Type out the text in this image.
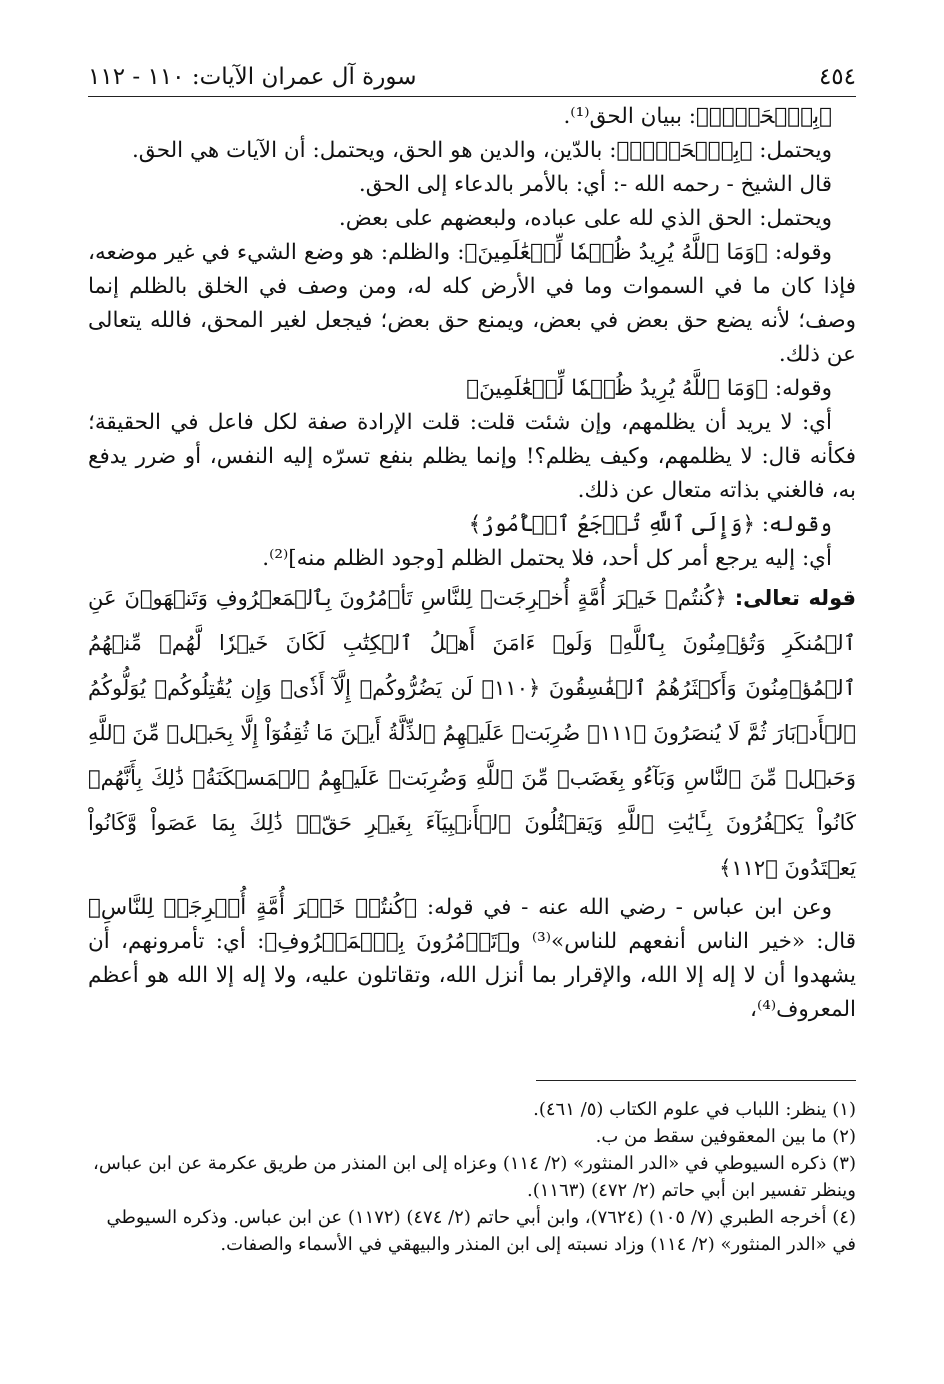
٤٥٤
سورة آل عمران الآيات: ١١٠ - ١١٢

﴿بِٱلۡحَقِّۗ﴾: ببيان الحق⁽¹⁾.

ويحتمل: ﴿بِٱلۡحَقِّۗ﴾: بالدّين، والدين هو الحق، ويحتمل: أن الآيات هي الحق.

قال الشيخ - رحمه الله -: أي: بالأمر بالدعاء إلى الحق.

ويحتمل: الحق الذي لله على عباده، ولبعضهم على بعض.

وقوله: ﴿وَمَا ٱللَّهُ يُرِيدُ ظُلۡمٗا لِّلۡعَٰلَمِينَ﴾: والظلم: هو وضع الشيء في غير موضعه، فإذا كان ما في السموات وما في الأرض كله له، ومن وصف في الخلق بالظلم إنما وصف؛ لأنه يضع حق بعض في بعض، ويمنع حق بعض؛ فيجعل لغير المحق، فالله يتعالى عن ذلك.

وقوله: ﴿وَمَا ٱللَّهُ يُرِيدُ ظُلۡمٗا لِّلۡعَٰلَمِينَ﴾

أي: لا يريد أن يظلمهم، وإن شئت قلت: قلت الإرادة صفة لكل فاعل في الحقيقة؛ فكأنه قال: لا يظلمهم، وكيف يظلم؟! وإنما يظلم بنفع تسرّه إليه النفس، أو ضرر يدفع به، فالغني بذاته متعال عن ذلك.

وقوله: ﴿وَإِلَى ٱللَّهِ تُرۡجَعُ ٱلۡأُمُورُ﴾

أي: إليه يرجع أمر كل أحد، فلا يحتمل الظلم [وجود الظلم منه]⁽²⁾.

قوله تعالى: ﴿كُنتُمۡ خَيۡرَ أُمَّةٍ أُخۡرِجَتۡ لِلنَّاسِ تَأۡمُرُونَ بِٱلۡمَعۡرُوفِ وَتَنۡهَوۡنَ عَنِ ٱلۡمُنكَرِ وَتُؤۡمِنُونَ بِٱللَّهِۗ وَلَوۡ ءَامَنَ أَهۡلُ ٱلۡكِتَٰبِ لَكَانَ خَيۡرٗا لَّهُمۚ مِّنۡهُمُ ٱلۡمُؤۡمِنُونَ وَأَكۡثَرُهُمُ ٱلۡفَٰسِقُونَ ﴿١١٠﴾ لَن يَضُرُّوكُمۡ إِلَّآ أَذٗىۖ وَإِن يُقَٰتِلُوكُمۡ يُوَلُّوكُمُ ٱلۡأَدۡبَارَ ثُمَّ لَا يُنصَرُونَ ﴿١١١﴾ ضُرِبَتۡ عَلَيۡهِمُ ٱلذِّلَّةُ أَيۡنَ مَا ثُقِفُوٓاْ إِلَّا بِحَبۡلٖ مِّنَ ٱللَّهِ وَحَبۡلٖ مِّنَ ٱلنَّاسِ وَبَآءُو بِغَضَبٖ مِّنَ ٱللَّهِ وَضُرِبَتۡ عَلَيۡهِمُ ٱلۡمَسۡكَنَةُۚ ذَٰلِكَ بِأَنَّهُمۡ كَانُواْ يَكۡفُرُونَ بِـَٔايَٰتِ ٱللَّهِ وَيَقۡتُلُونَ ٱلۡأَنۢبِيَآءَ بِغَيۡرِ حَقّٖۚ ذَٰلِكَ بِمَا عَصَواْ وَّكَانُواْ يَعۡتَدُونَ ﴿١١٢﴾

وعن ابن عباس - رضي الله عنه - في قوله: ﴿كُنتُمۡ خَيۡرَ أُمَّةٍ أُخۡرِجَتۡ لِلنَّاسِ﴾ قال: «خير الناس أنفعهم للناس»⁽³⁾ و﴿تَأۡمُرُونَ بِٱلۡمَعۡرُوفِ﴾: أي: تأمرونهم، أن يشهدوا أن لا إله إلا الله، والإقرار بما أنزل الله، وتقاتلون عليه، ولا إله إلا الله هو أعظم المعروف⁽⁴⁾،

(١) ينظر: اللباب في علوم الكتاب (٥/ ٤٦١).
(٢) ما بين المعقوفين سقط من ب.
(٣) ذكره السيوطي في «الدر المنثور» (٢/ ١١٤) وعزاه إلى ابن المنذر من طريق عكرمة عن ابن عباس، وينظر تفسير ابن أبي حاتم (٢/ ٤٧٢) (١١٦٣).
(٤) أخرجه الطبري (٧/ ١٠٥) (٧٦٢٤)، وابن أبي حاتم (٢/ ٤٧٤) (١١٧٢) عن ابن عباس. وذكره السيوطي في «الدر المنثور» (٢/ ١١٤) وزاد نسبته إلى ابن المنذر والبيهقي في الأسماء والصفات.
